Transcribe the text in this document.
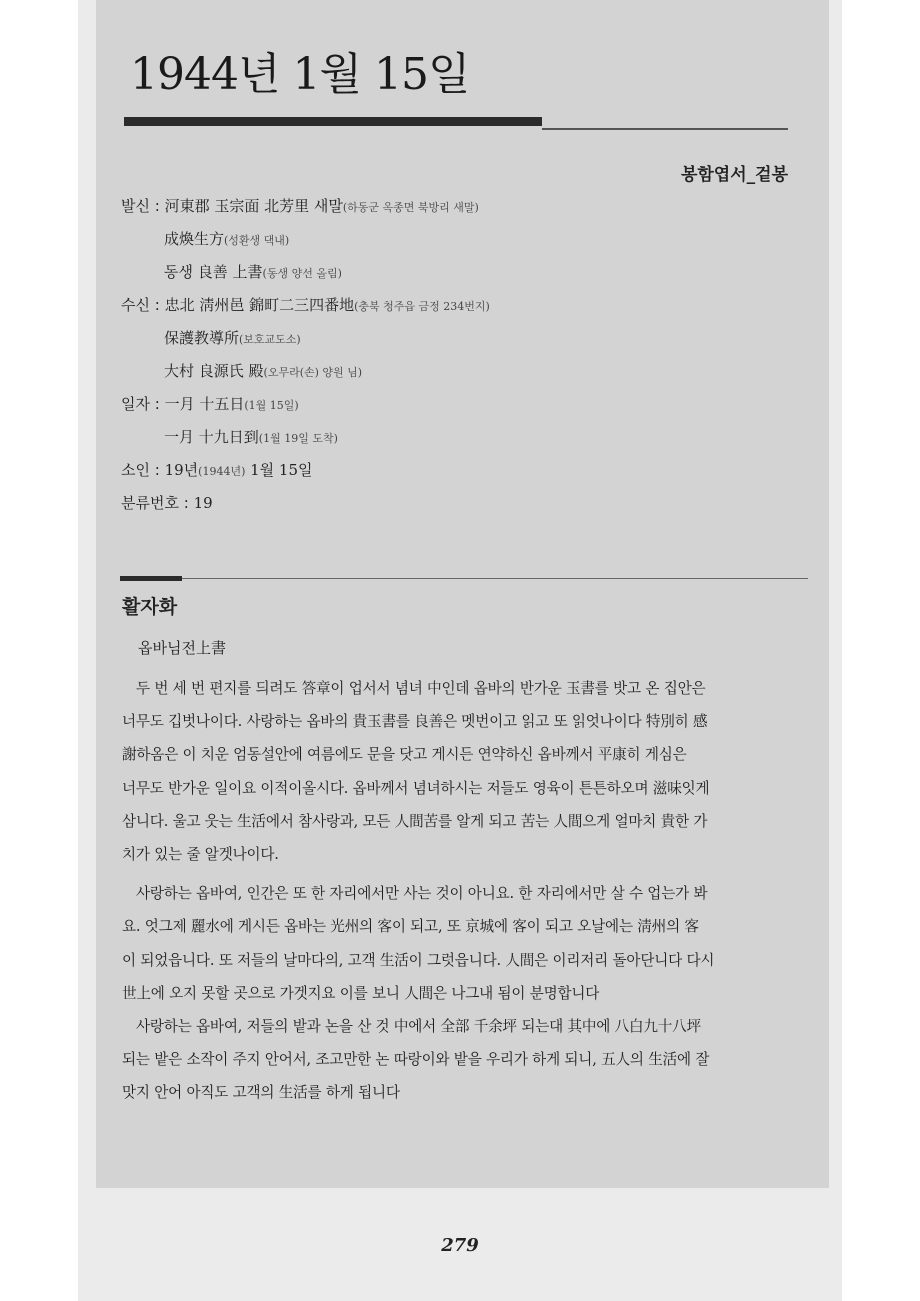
1944년 1월 15일
봉함엽서_겉봉
발신 : 河東郡 玉宗面 北芳里 새말(하동군 옥종면 북방리 새말)
成煥生方(성환생 댁내)
동생 良善 上書(동생 양선 올림)
수신 : 忠北 淸州邑 錦町二三四番地(충북 청주읍 금정 234번지)
保護教導所(보호교도소)
大村 良源氏 殿(오무라(손) 양원 님)
일자 : 一月 十五日(1월 15일)
一月 十九日到(1월 19일 도착)
소인 : 19년(1944년) 1월 15일
분류번호 : 19
활자화
옵바님전上書
두 번 세 번 편지를 듸려도 答章이 업서서 념녀 中인데 옵바의 반가운 玉書를 밧고 온 집안은
너무도 깁벗나이다. 사랑하는 옵바의 貴玉書를 良善은 멧번이고 읽고 또 읽엇나이다 特別히 感
謝하옴은 이 치운 엄동설안에 여름에도 문을 닷고 게시든 연약하신 옵바께서 平康히 게심은
너무도 반가운 일이요 이적이올시다. 옵바께서 념녀하시는 저들도 영육이 튼튼하오며 滋味잇게
삼니다. 울고 웃는 生活에서 참사랑과, 모든 人間苦를 알게 되고 苦는 人間으게 얼마치 貴한 가
치가 있는 줄 알겟나이다.
사랑하는 옵바여, 인간은 또 한 자리에서만 사는 것이 아니요. 한 자리에서만 살 수 업는가 봐
요. 엇그제 麗水에 게시든 옵바는 光州의 客이 되고, 또 京城에 客이 되고 오날에는 淸州의 客
이 되었읍니다. 또 저들의 날마다의, 고객 生活이 그럿읍니다. 人間은 이리저리 돌아단니다 다시
世上에 오지 못할 곳으로 가겟지요 이를 보니 人間은 나그내 됨이 분명합니다
사랑하는 옵바여, 저들의 밭과 논을 산 것 中에서 全部 千余坪 되는대 其中에 八白九十八坪
되는 밭은 소작이 주지 안어서, 조고만한 논 따랑이와 밭을 우리가 하게 되니, 五人의 生活에 잘
맛지 안어 아직도 고객의 生活를 하게 됩니다
279
